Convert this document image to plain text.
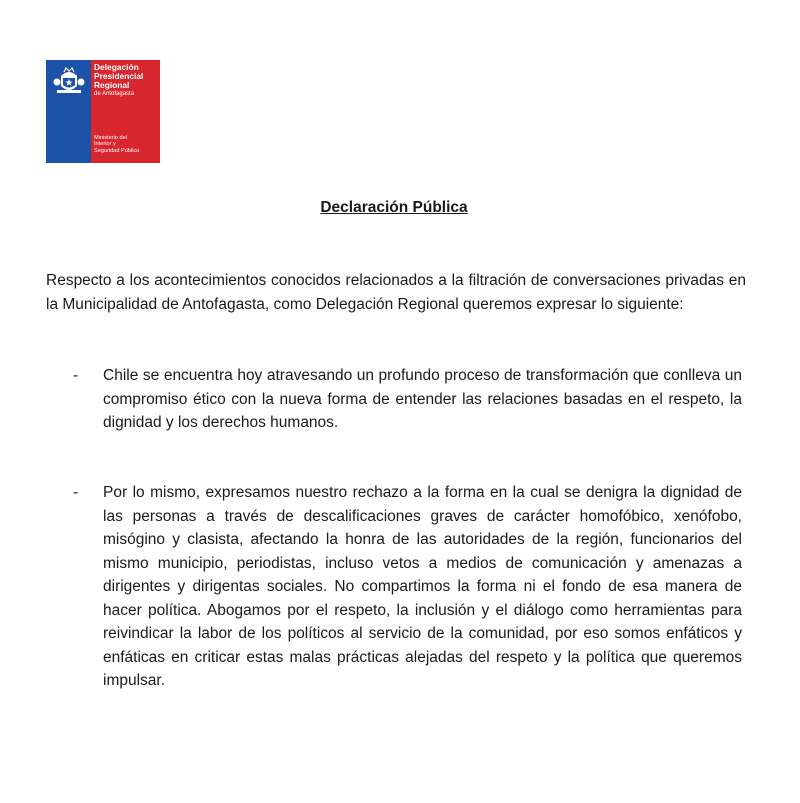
Delegación
Presidencial
Regional
de Antofagasta
Ministerio del
Interior y
Seguridad Pública
Declaración Pública
Respecto a los acontecimientos conocidos relacionados a la filtración de conversaciones privadas en la Municipalidad de Antofagasta, como Delegación Regional queremos expresar lo siguiente:
- Chile se encuentra hoy atravesando un profundo proceso de transformación que conlleva un compromiso ético con la nueva forma de entender las relaciones basadas en el respeto, la dignidad y los derechos humanos.
- Por lo mismo, expresamos nuestro rechazo a la forma en la cual se denigra la dignidad de las personas a través de descalificaciones graves de carácter homofóbico, xenófobo, misógino y clasista, afectando la honra de las autoridades de la región, funcionarios del mismo municipio, periodistas, incluso vetos a medios de comunicación y amenazas a dirigentes y dirigentas sociales. No compartimos la forma ni el fondo de esa manera de hacer política. Abogamos por el respeto, la inclusión y el diálogo como herramientas para reivindicar la labor de los políticos al servicio de la comunidad, por eso somos enfáticos y enfáticas en criticar estas malas prácticas alejadas del respeto y la política que queremos impulsar.
